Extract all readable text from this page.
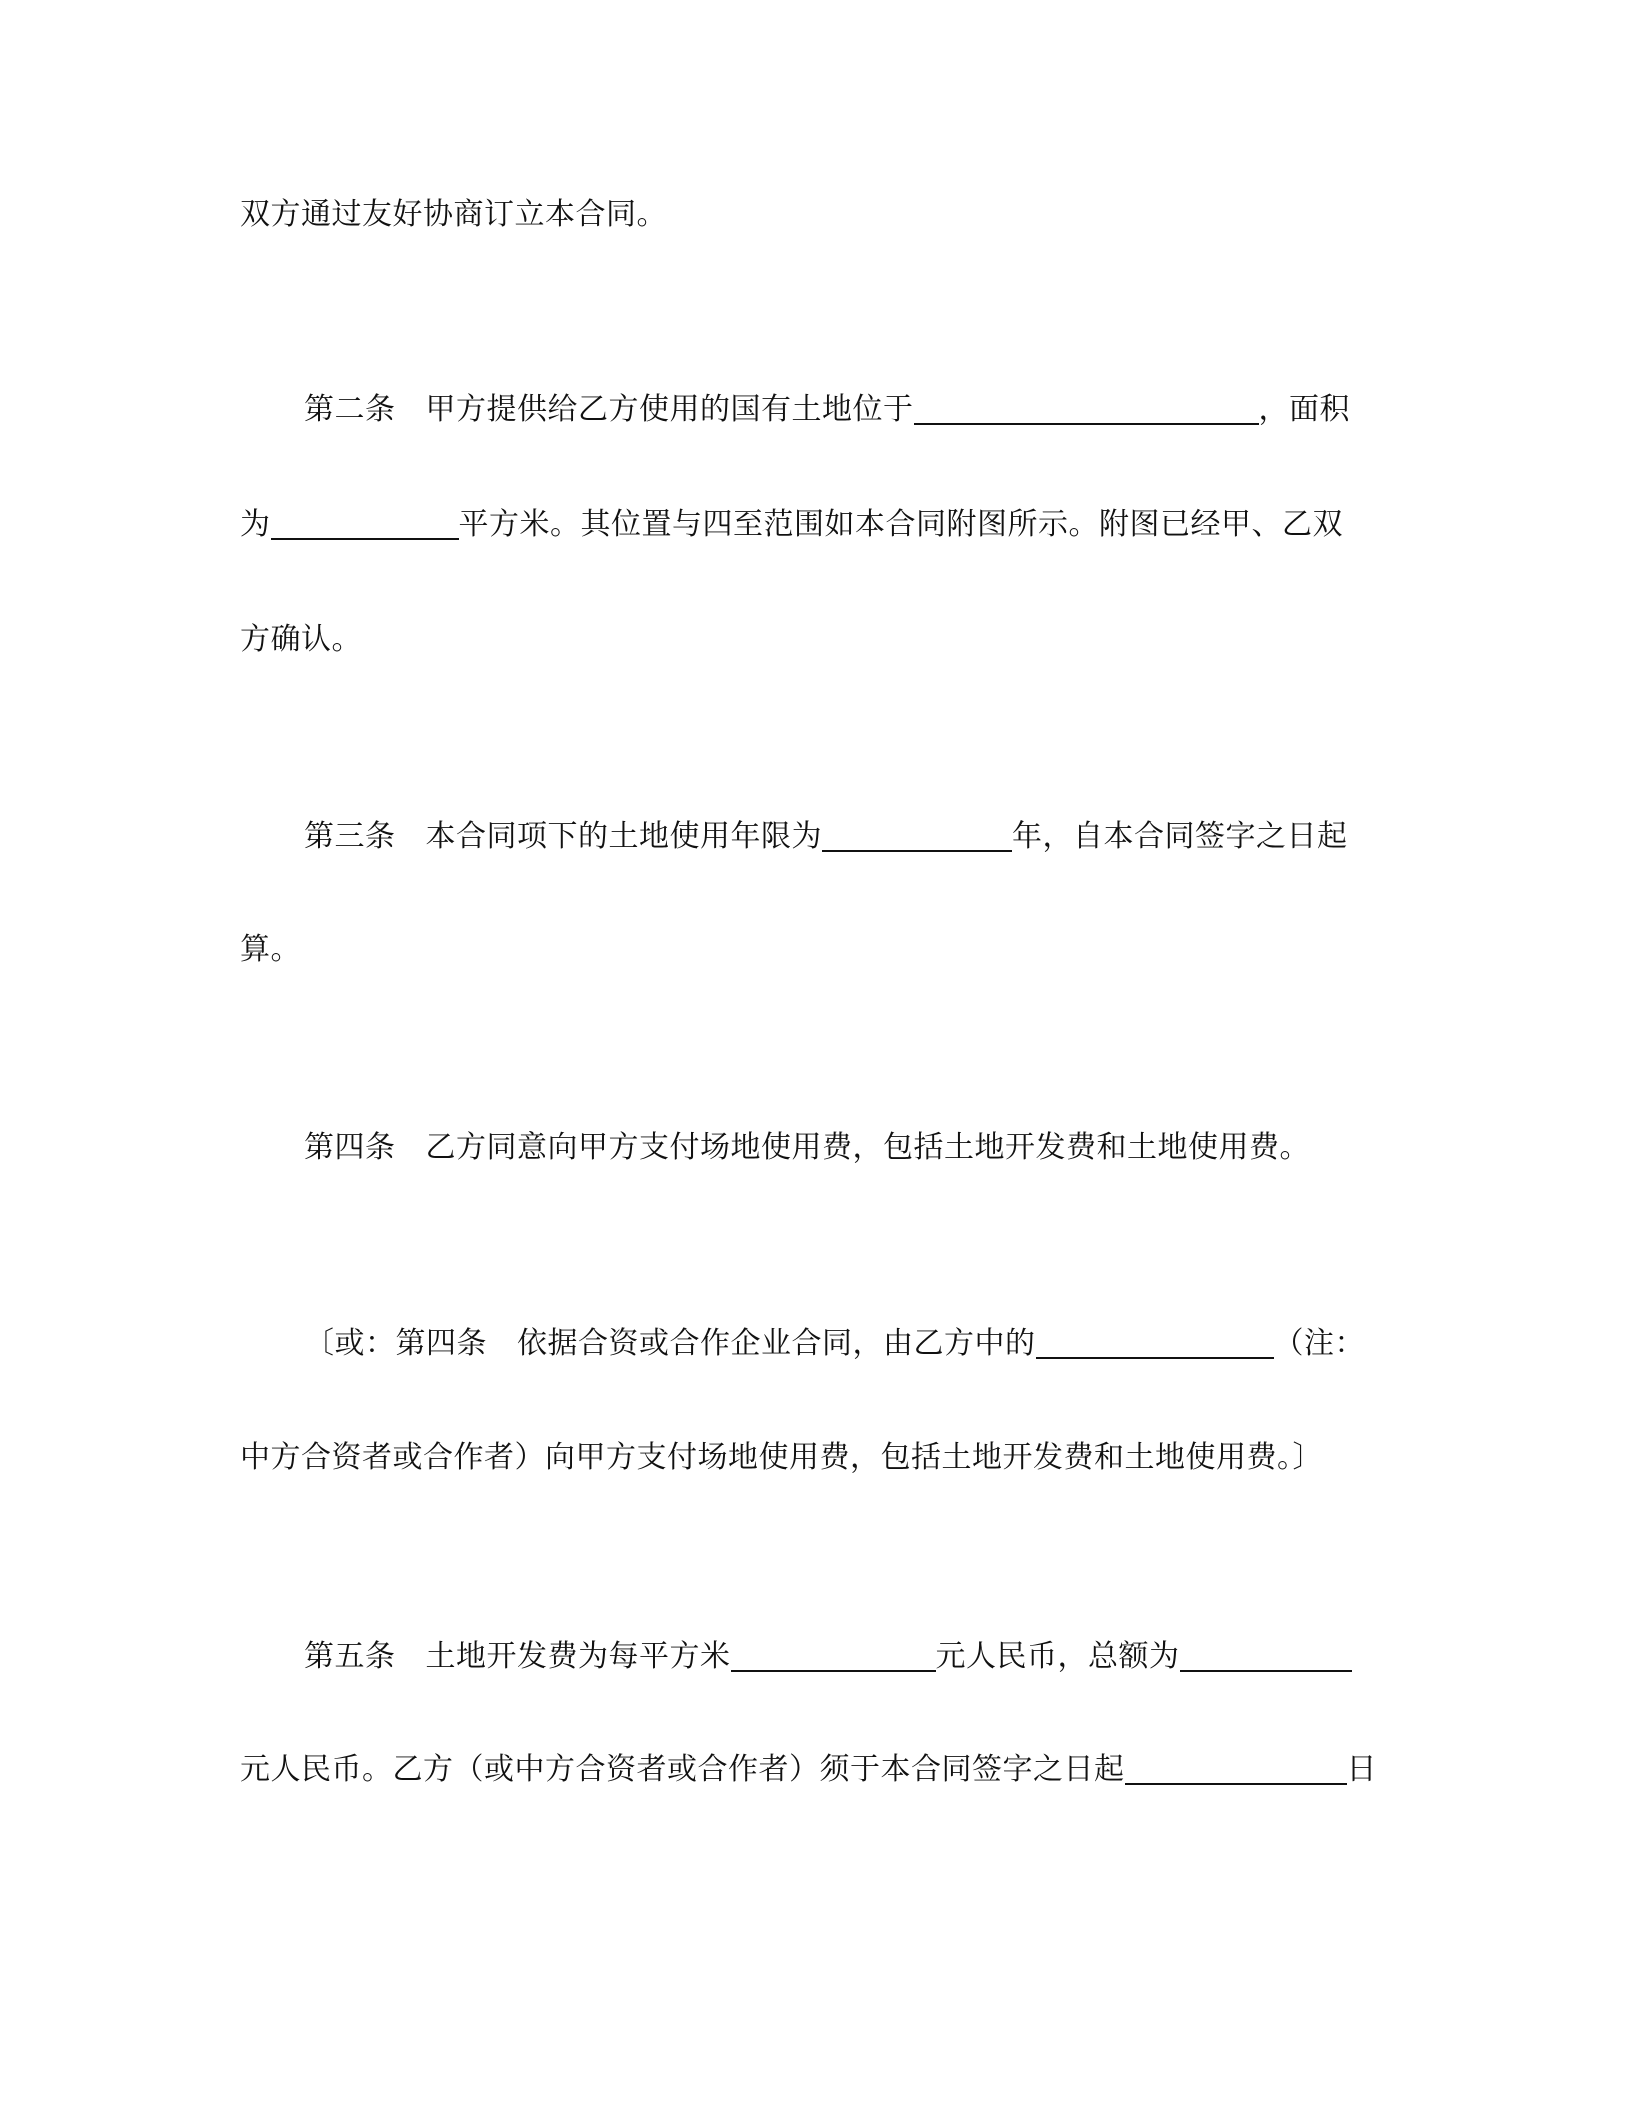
双方通过友好协商订立本合同。
第二条 甲方提供给乙方使用的国有土地位于	，面积
为	平方米。其位置与四至范围如本合同附图所示。附图已经甲、乙双
方确认。
第三条 本合同项下的土地使用年限为	年，自本合同签字之日起
算。
第四条 乙方同意向甲方支付场地使用费，包括土地开发费和土地使用费。
〔或：第四条 依据合资或合作企业合同，由乙方中的	（注：
中方合资者或合作者）向甲方支付场地使用费，包括土地开发费和土地使用费。〕
第五条 土地开发费为每平方米	元人民币，总额为
元人民币。乙方（或中方合资者或合作者）须于本合同签字之日起	日
